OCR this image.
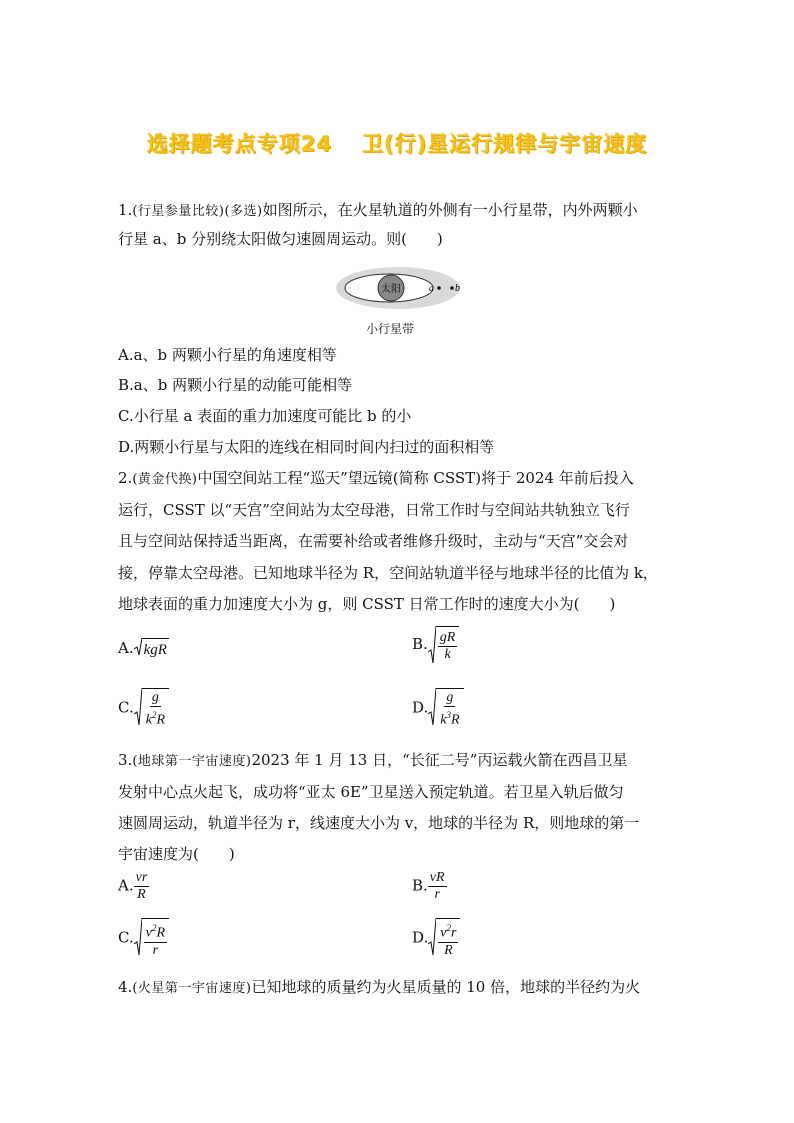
选择题考点专项24 卫(行)星运行规律与宇宙速度
1.(行星参量比较)(多选)如图所示，在火星轨道的外侧有一小行星带，内外两颗小
行星 a、b 分别绕太阳做匀速圆周运动。则(　　)
太阳	a b
小行星带
A.a、b 两颗小行星的角速度相等
B.a、b 两颗小行星的动能可能相等
C.小行星 a 表面的重力加速度可能比 b 的小
D.两颗小行星与太阳的连线在相同时间内扫过的面积相等
2.(黄金代换)中国空间站工程“巡天”望远镜(简称 CSST)将于 2024 年前后投入
运行，CSST 以“天宫”空间站为太空母港，日常工作时与空间站共轨独立飞行
且与空间站保持适当距离，在需要补给或者维修升级时，主动与“天宫”交会对
接，停靠太空母港。已知地球半径为 R，空间站轨道半径与地球半径的比值为 k，
地球表面的重力加速度大小为 g，则 CSST 日常工作时的速度大小为(　　)
A. kgR	B. $\frac{gR}{k}$
C. $\frac{g}{k^2R}$	D. $\frac{g}{k^3R}$
3.(地球第一宇宙速度)2023 年 1 月 13 日，“长征二号”丙运载火箭在西昌卫星
发射中心点火起飞，成功将“亚太 6E”卫星送入预定轨道。若卫星入轨后做匀
速圆周运动，轨道半径为 r，线速度大小为 v，地球的半径为 R，则地球的第一
宇宙速度为(　　)
A. $\frac{vr}{R}$	B. $\frac{vR}{r}$
C. $\frac{v^2R}{r}$	D. $\frac{v^2r}{R}$
4.(火星第一宇宙速度)已知地球的质量约为火星质量的 10 倍，地球的半径约为火
